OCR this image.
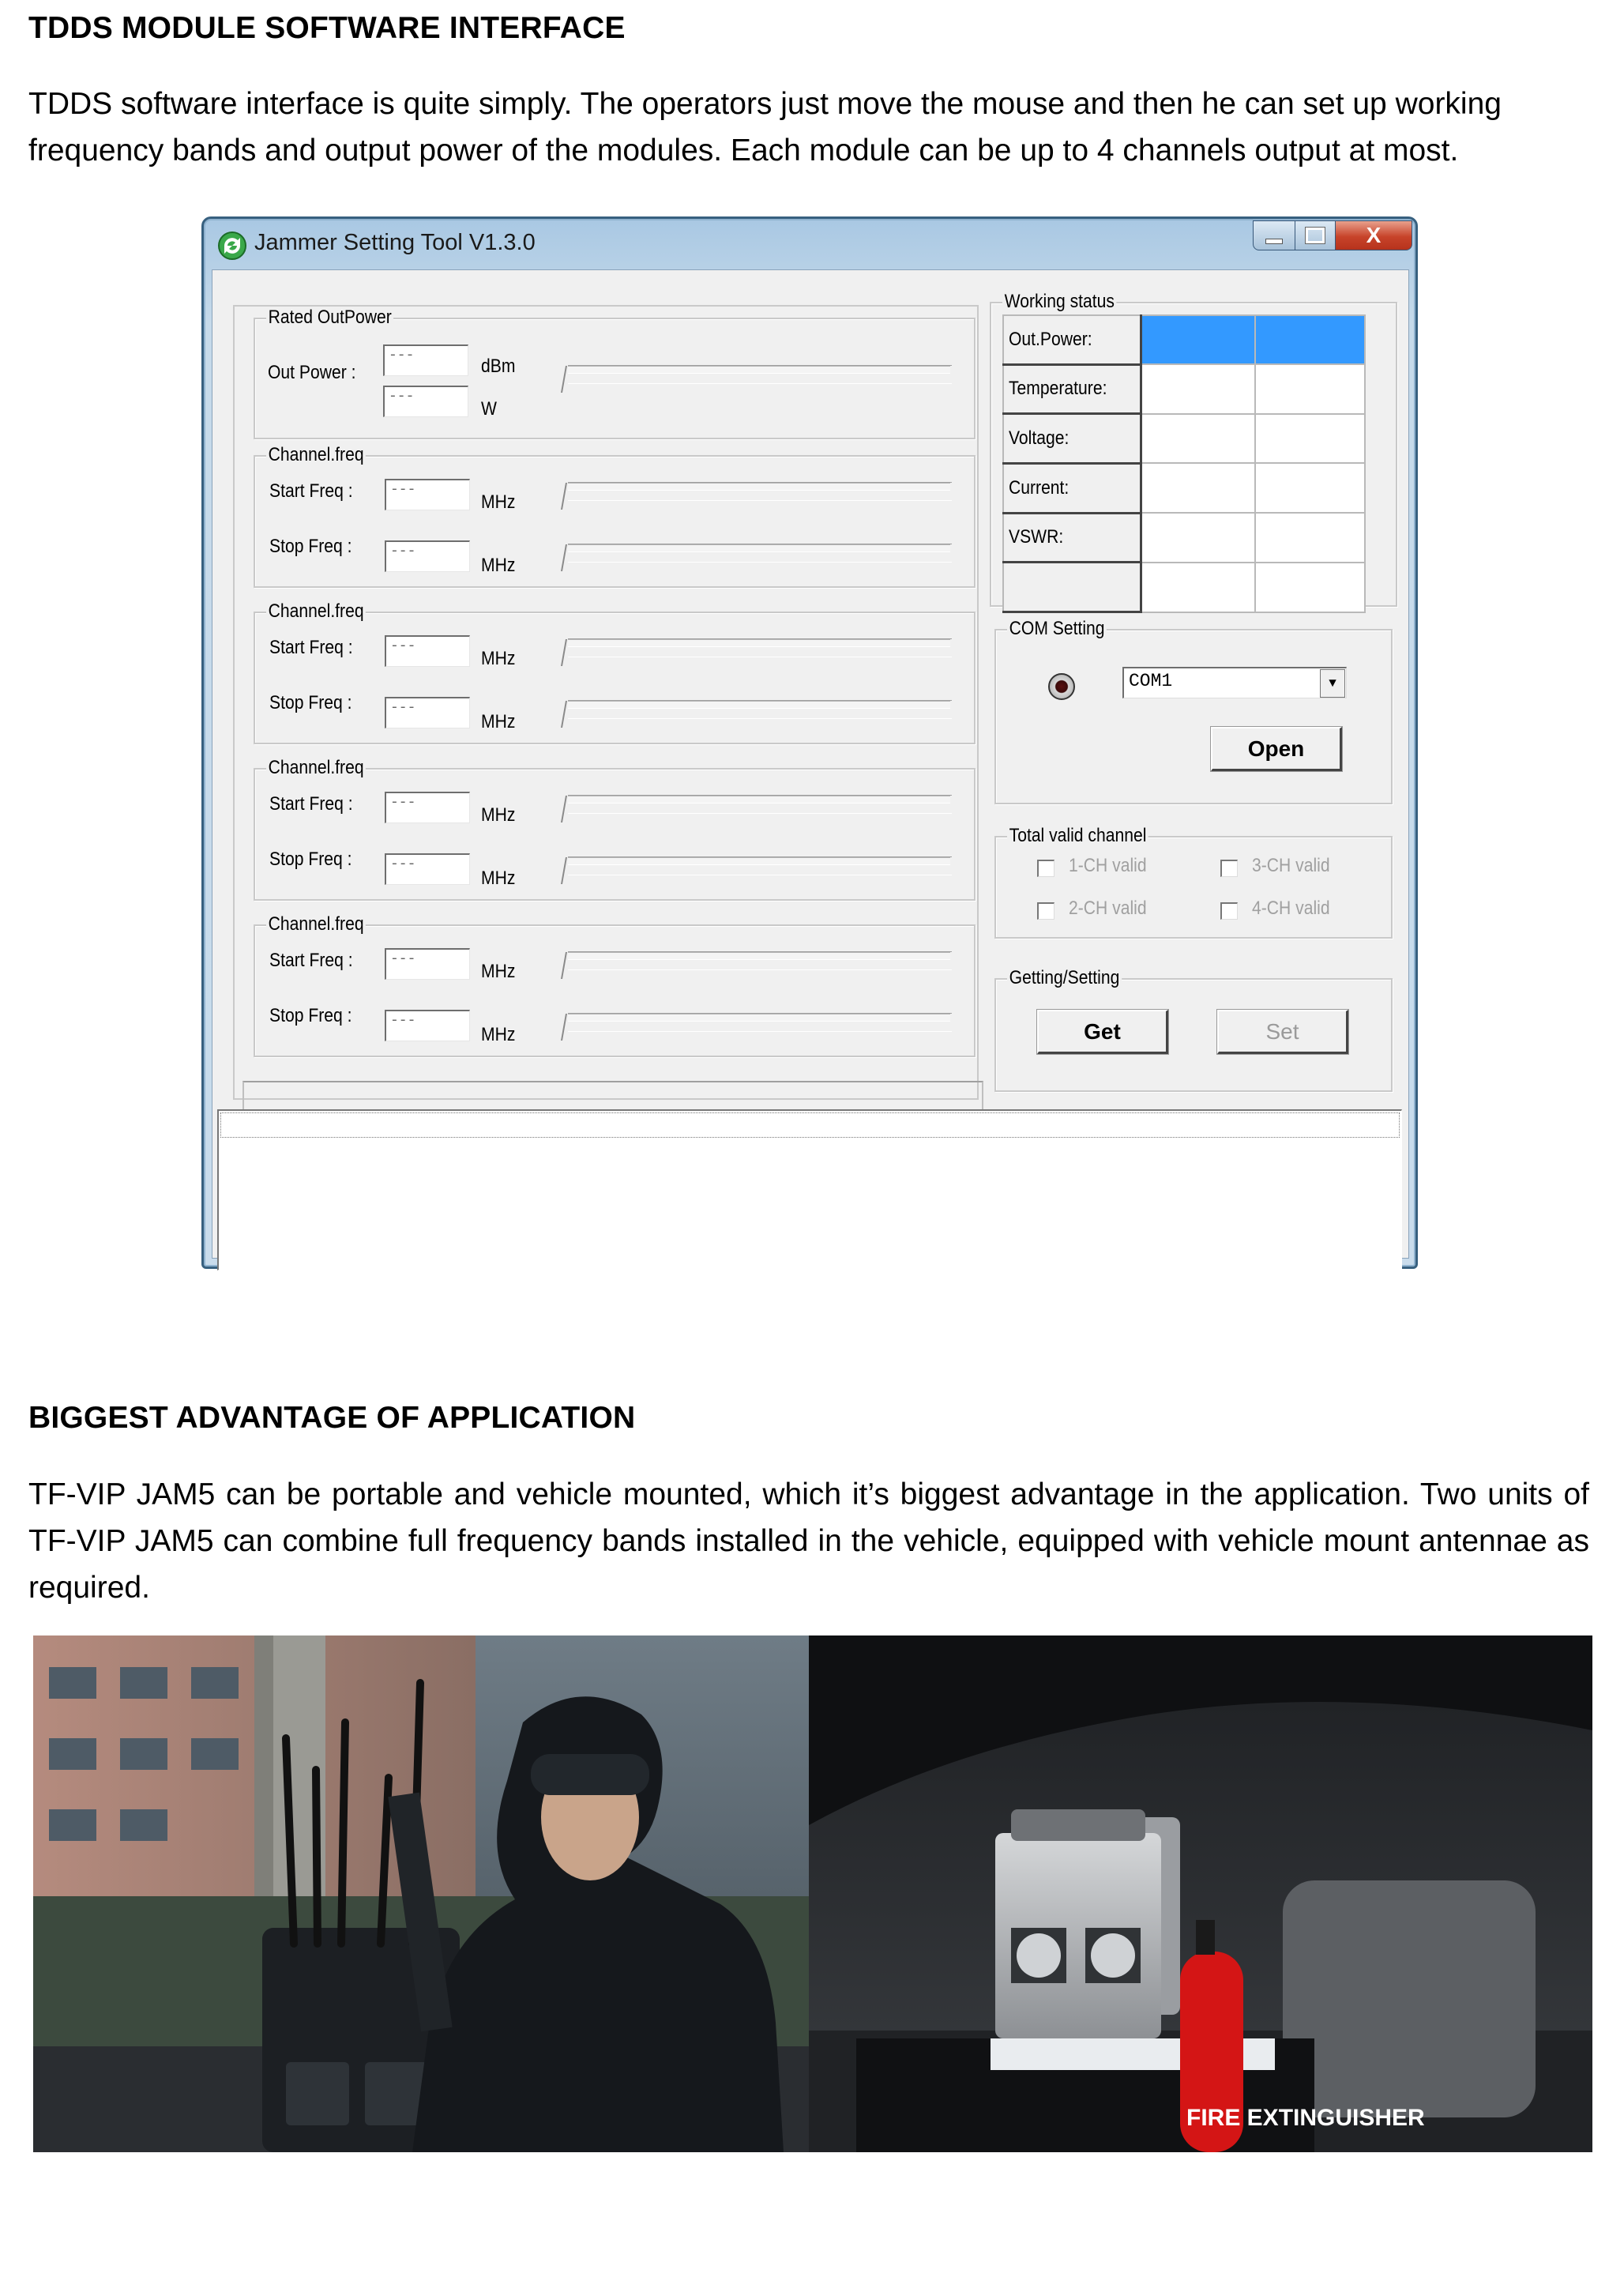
TDDS MODULE SOFTWARE INTERFACE
TDDS software interface is quite simply. The operators just move the mouse and then he can set up working frequency bands and output power of the modules. Each module can be up to 4 channels output at most.
Jammer Setting Tool V1.3.0	X
Rated OutPower
Out Power :
---	dBm
---
W
Channel.freq
Start Freq :	---
MHz
Stop Freq :	---
MHz
Channel.freq
Start Freq :	---
MHz
Stop Freq :	---
MHz
Channel.freq
Start Freq :	---
MHz
Stop Freq :	---
MHz
Channel.freq
Start Freq :	---
MHz
Stop Freq :	---
MHz
Working status
Out.Power:		
Temperature:		
Voltage:		
Current:		
VSWR:		

COM Setting
COM1	▼
Open
Total valid channel
1-CH valid
2-CH valid
3-CH valid
4-CH valid
Getting/Setting
Get	Set
BIGGEST ADVANTAGE OF APPLICATION
TF-VIP JAM5 can be portable and vehicle mounted, which it’s biggest advantage in the application. Two units of TF-VIP JAM5 can combine full frequency bands installed in the vehicle, equipped with vehicle mount antennae as required.
FIRE EXTINGUISHER
